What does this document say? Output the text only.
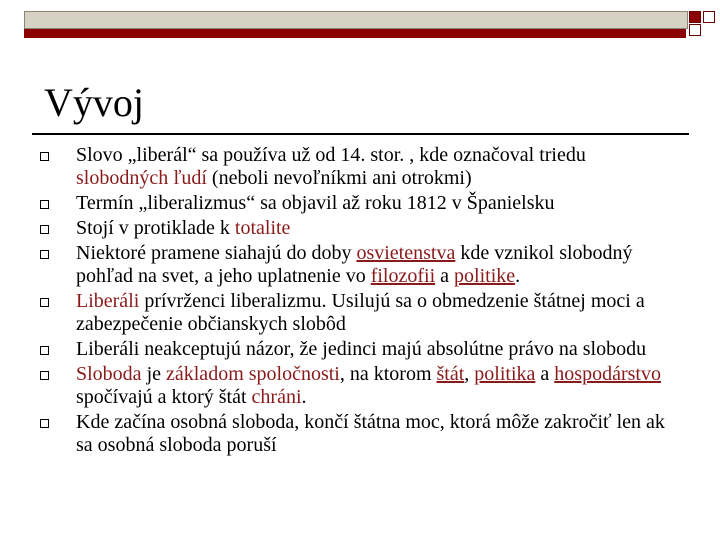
Vývoj
Slovo „liberál“ sa používa už od 14. stor. , kde označoval triedu slobodných ľudí (neboli nevoľníkmi ani otrokmi)
Termín „liberalizmus“ sa objavil až roku 1812 v Španielsku
Stojí v protiklade k totalite
Niektoré pramene siahajú do doby osvietenstva kde vznikol slobodný pohľad na svet, a jeho uplatnenie vo filozofii a politike.
Liberáli prívrženci liberalizmu. Usilujú sa o obmedzenie štátnej moci a zabezpečenie občianskych slobôd
Liberáli neakceptujú názor, že jedinci majú absolútne právo na slobodu
Sloboda je základom spoločnosti, na ktorom štát, politika a hospodárstvo spočívajú a ktorý štát chráni.
Kde začína osobná sloboda, končí štátna moc, ktorá môže zakročiť len ak sa osobná sloboda poruší
